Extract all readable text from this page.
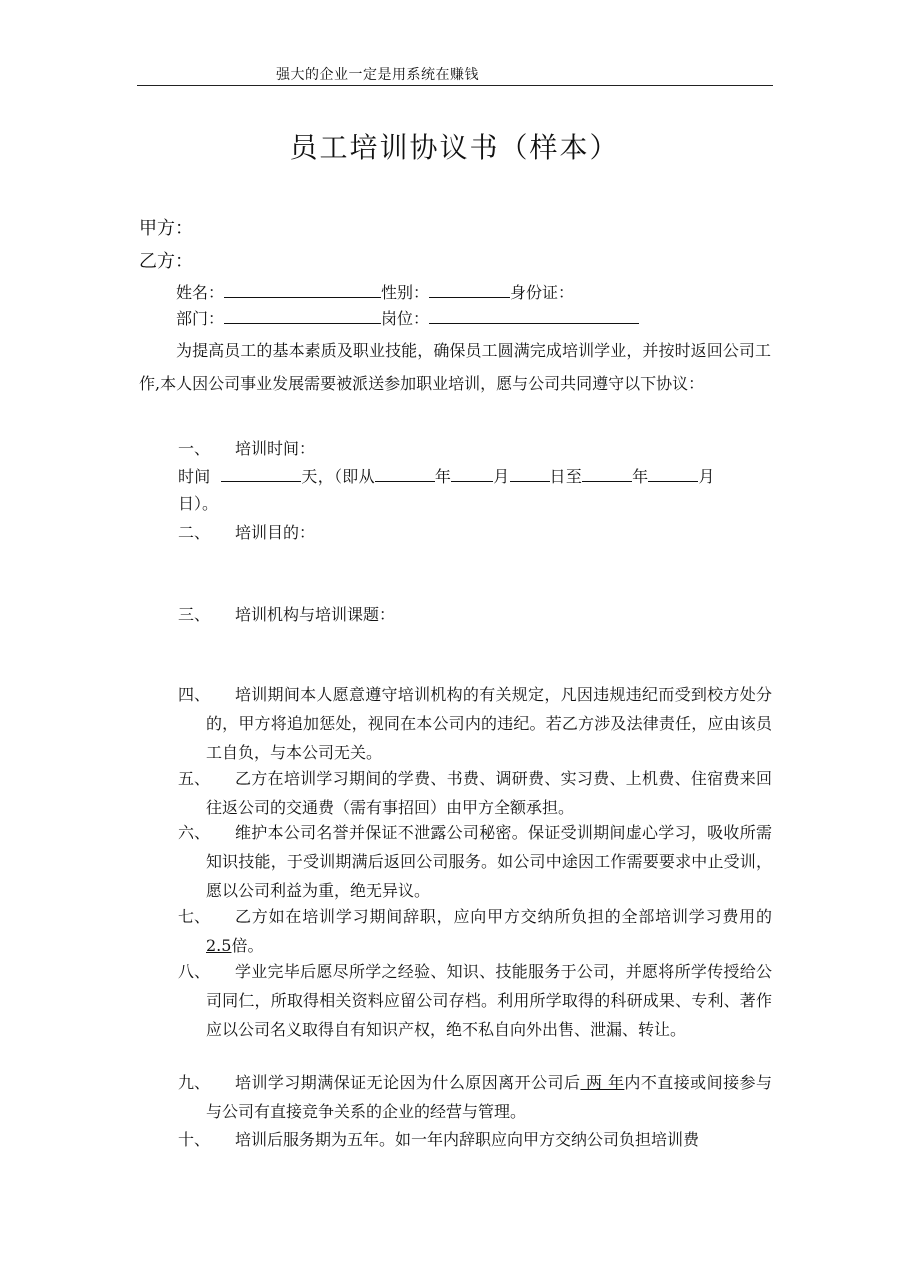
强大的企业一定是用系统在赚钱
员工培训协议书（样本）
甲方：
乙方：
姓名：	性别：	身份证：
部门：	岗位：
为提高员工的基本素质及职业技能，确保员工圆满完成培训学业，并按时返回公司工作,本人因公司事业发展需要被派送参加职业培训，愿与公司共同遵守以下协议：
一、 培训时间：
时间	天，（即从	年	月	日至	年	月
日）。
二、 培训目的：
三、 培训机构与培训课题：
四、	培训期间本人愿意遵守培训机构的有关规定，凡因违规违纪而受到校方处分的，甲方将追加惩处，视同在本公司内的违纪。若乙方涉及法律责任，应由该员工自负，与本公司无关。
五、	乙方在培训学习期间的学费、书费、调研费、实习费、上机费、住宿费来回往返公司的交通费（需有事招回）由甲方全额承担。
六、	维护本公司名誉并保证不泄露公司秘密。保证受训期间虚心学习，吸收所需知识技能，于受训期满后返回公司服务。如公司中途因工作需要要求中止受训，愿以公司利益为重，绝无异议。
七、	乙方如在培训学习期间辞职，应向甲方交纳所负担的全部培训学习费用的2.5倍。
八、	学业完毕后愿尽所学之经验、知识、技能服务于公司，并愿将所学传授给公司同仁，所取得相关资料应留公司存档。利用所学取得的科研成果、专利、著作应以公司名义取得自有知识产权，绝不私自向外出售、泄漏、转让。
九、	培训学习期满保证无论因为什么原因离开公司后 两 年内不直接或间接参与与公司有直接竞争关系的企业的经营与管理。
十、	培训后服务期为五年。如一年内辞职应向甲方交纳公司负担培训费
